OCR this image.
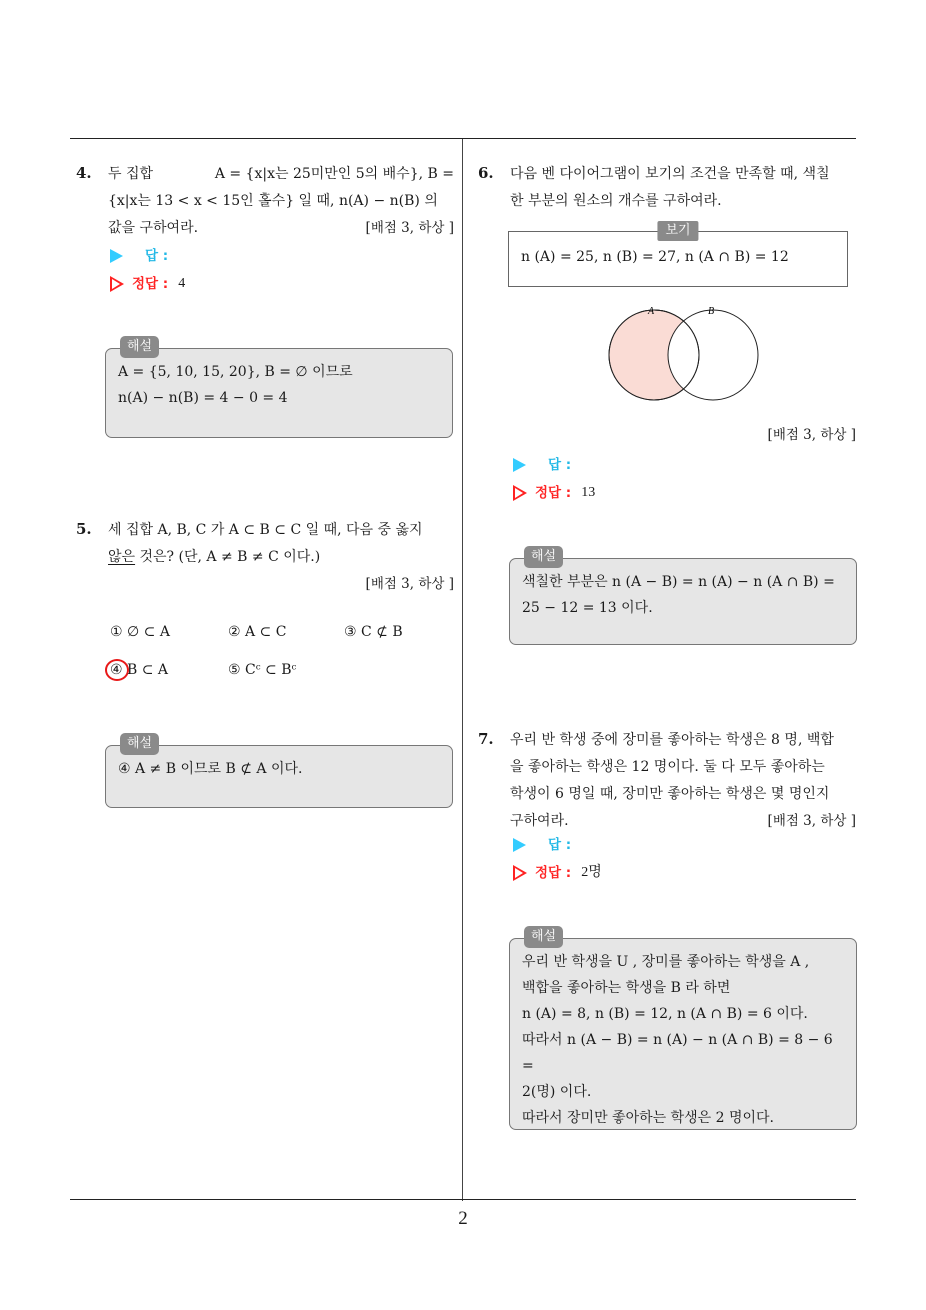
4. 두 집합	A = {x|x는 25미만인 5의 배수}, B =
{x|x는 13 < x < 15인 홀수} 일 때, n(A) − n(B) 의
값을 구하여라.	[배점 3, 하상 ]
답 :
정답 : 4
해설
A = {5, 10, 15, 20}, B = ∅ 이므로
n(A) − n(B) = 4 − 0 = 4
5. 세 집합 A, B, C 가 A ⊂ B ⊂ C 일 때, 다음 중 옳지
않은 것은? (단, A ≠ B ≠ C 이다.)
[배점 3, 하상 ]
① ∅ ⊂ A	② A ⊂ C	③ C ⊄ B
④ B ⊂ A	⑤ Cᶜ ⊂ Bᶜ
해설
④ A ≠ B 이므로 B ⊄ A 이다.
6. 다음 벤 다이어그램이 보기의 조건을 만족할 때, 색칠
한 부분의 원소의 개수를 구하여라.
보기
n (A) = 25, n (B) = 27, n (A ∩ B) = 12
A	B
[배점 3, 하상 ]
답 :
정답 : 13
해설
색칠한 부분은 n (A − B) = n (A) − n (A ∩ B) =
25 − 12 = 13 이다.
7. 우리 반 학생 중에 장미를 좋아하는 학생은 8 명, 백합
을 좋아하는 학생은 12 명이다. 둘 다 모두 좋아하는
학생이 6 명일 때, 장미만 좋아하는 학생은 몇 명인지
구하여라.	[배점 3, 하상 ]
답 :
정답 : 2명
해설
우리 반 학생을 U , 장미를 좋아하는 학생을 A ,
백합을 좋아하는 학생을 B 라 하면
n (A) = 8, n (B) = 12, n (A ∩ B) = 6 이다.
따라서 n (A − B) = n (A) − n (A ∩ B) = 8 − 6 =
2(명) 이다.
따라서 장미만 좋아하는 학생은 2 명이다.
2
